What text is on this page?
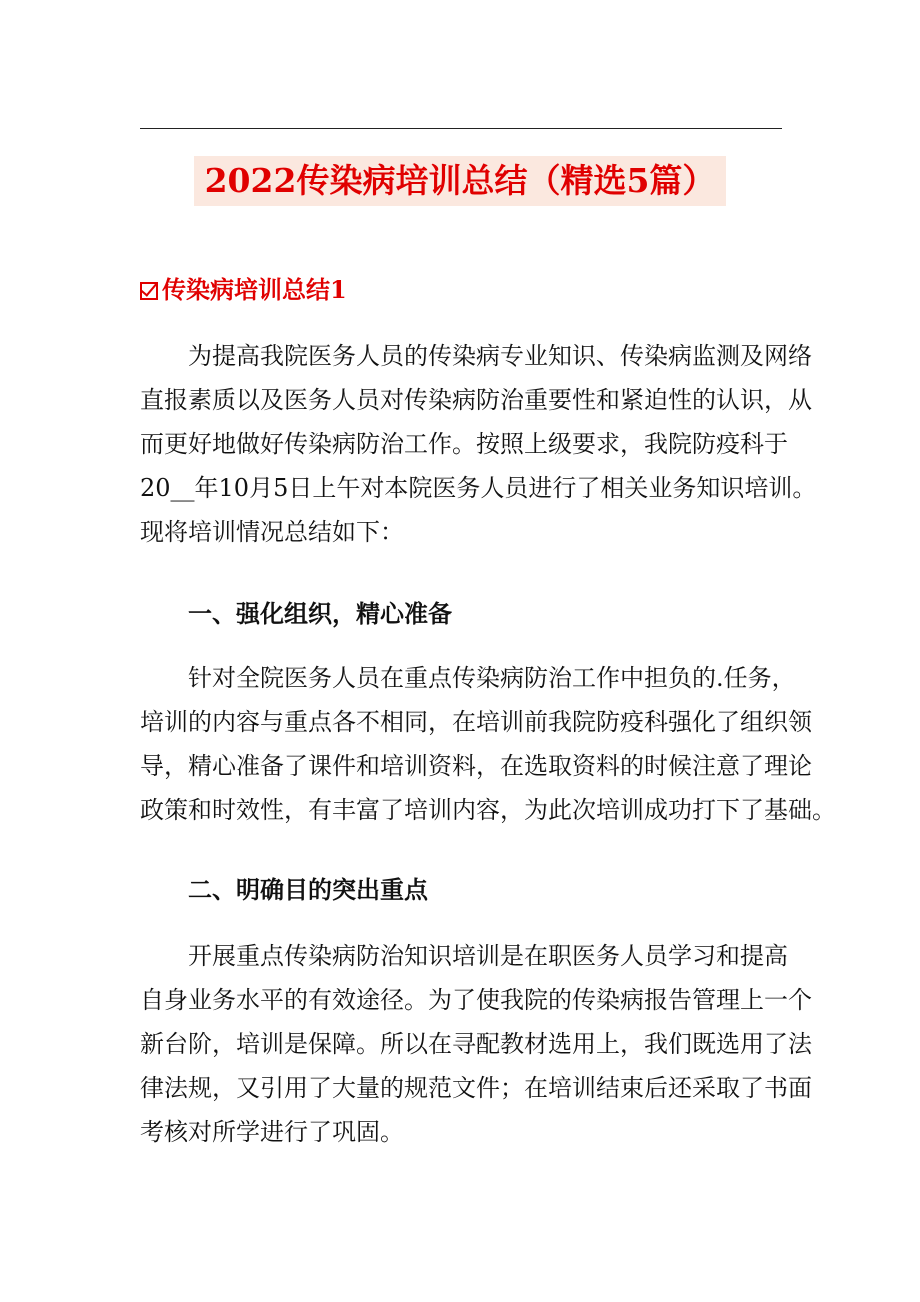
2022传染病培训总结（精选5篇）
传染病培训总结1
为提高我院医务人员的传染病专业知识、传染病监测及网络
直报素质以及医务人员对传染病防治重要性和紧迫性的认识，从
而更好地做好传染病防治工作。按照上级要求，我院防疫科于
20__年10月5日上午对本院医务人员进行了相关业务知识培训。
现将培训情况总结如下：
一、强化组织，精心准备
针对全院医务人员在重点传染病防治工作中担负的.任务，
培训的内容与重点各不相同，在培训前我院防疫科强化了组织领
导，精心准备了课件和培训资料，在选取资料的时候注意了理论
政策和时效性，有丰富了培训内容，为此次培训成功打下了基础。
二、明确目的突出重点
开展重点传染病防治知识培训是在职医务人员学习和提高
自身业务水平的有效途径。为了使我院的传染病报告管理上一个
新台阶，培训是保障。所以在寻配教材选用上，我们既选用了法
律法规，又引用了大量的规范文件；在培训结束后还采取了书面
考核对所学进行了巩固。
